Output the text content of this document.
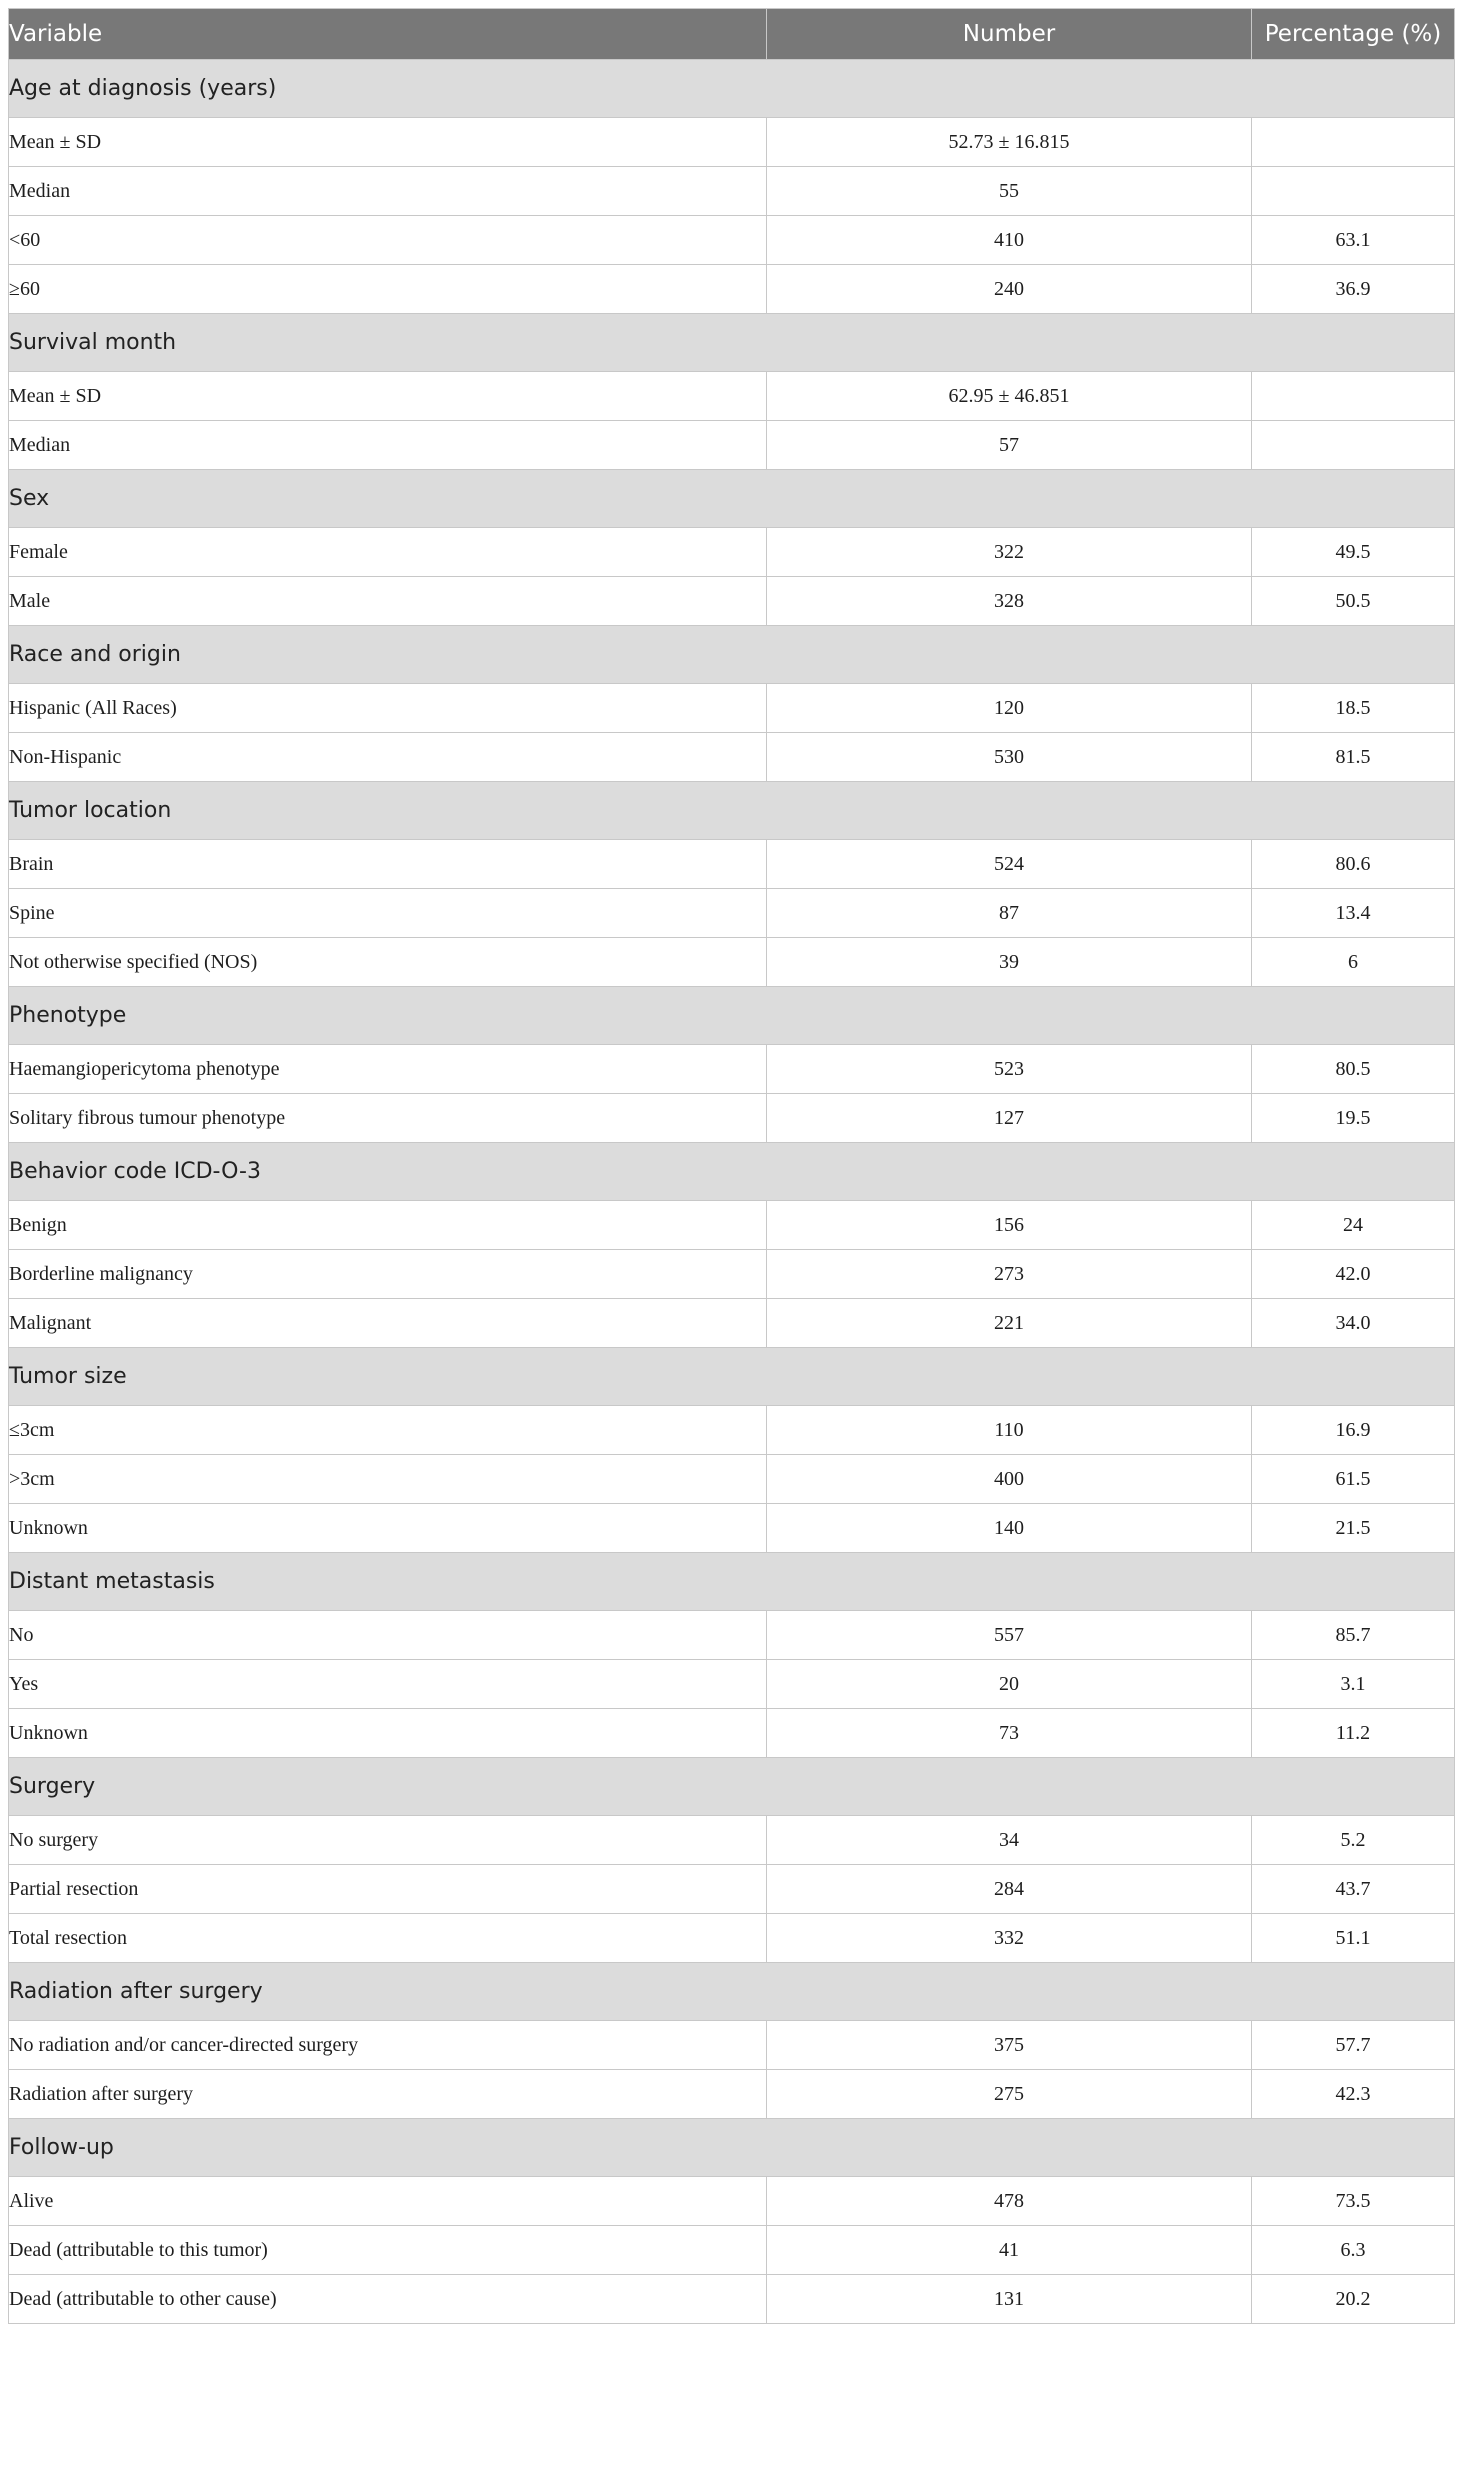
Variable	Number	Percentage (%)
Age at diagnosis (years)		
Mean ± SD	52.73 ± 16.815	
Median	55	
<60	410	63.1
≥60	240	36.9
Survival month		
Mean ± SD	62.95 ± 46.851	
Median	57	
Sex		
Female	322	49.5
Male	328	50.5
Race and origin		
Hispanic (All Races)	120	18.5
Non-Hispanic	530	81.5
Tumor location		
Brain	524	80.6
Spine	87	13.4
Not otherwise specified (NOS)	39	6
Phenotype		
Haemangiopericytoma phenotype	523	80.5
Solitary fibrous tumour phenotype	127	19.5
Behavior code ICD-O-3		
Benign	156	24
Borderline malignancy	273	42.0
Malignant	221	34.0
Tumor size		
≤3cm	110	16.9
>3cm	400	61.5
Unknown	140	21.5
Distant metastasis		
No	557	85.7
Yes	20	3.1
Unknown	73	11.2
Surgery		
No surgery	34	5.2
Partial resection	284	43.7
Total resection	332	51.1
Radiation after surgery		
No radiation and/or cancer-directed surgery	375	57.7
Radiation after surgery	275	42.3
Follow-up		
Alive	478	73.5
Dead (attributable to this tumor)	41	6.3
Dead (attributable to other cause)	131	20.2
